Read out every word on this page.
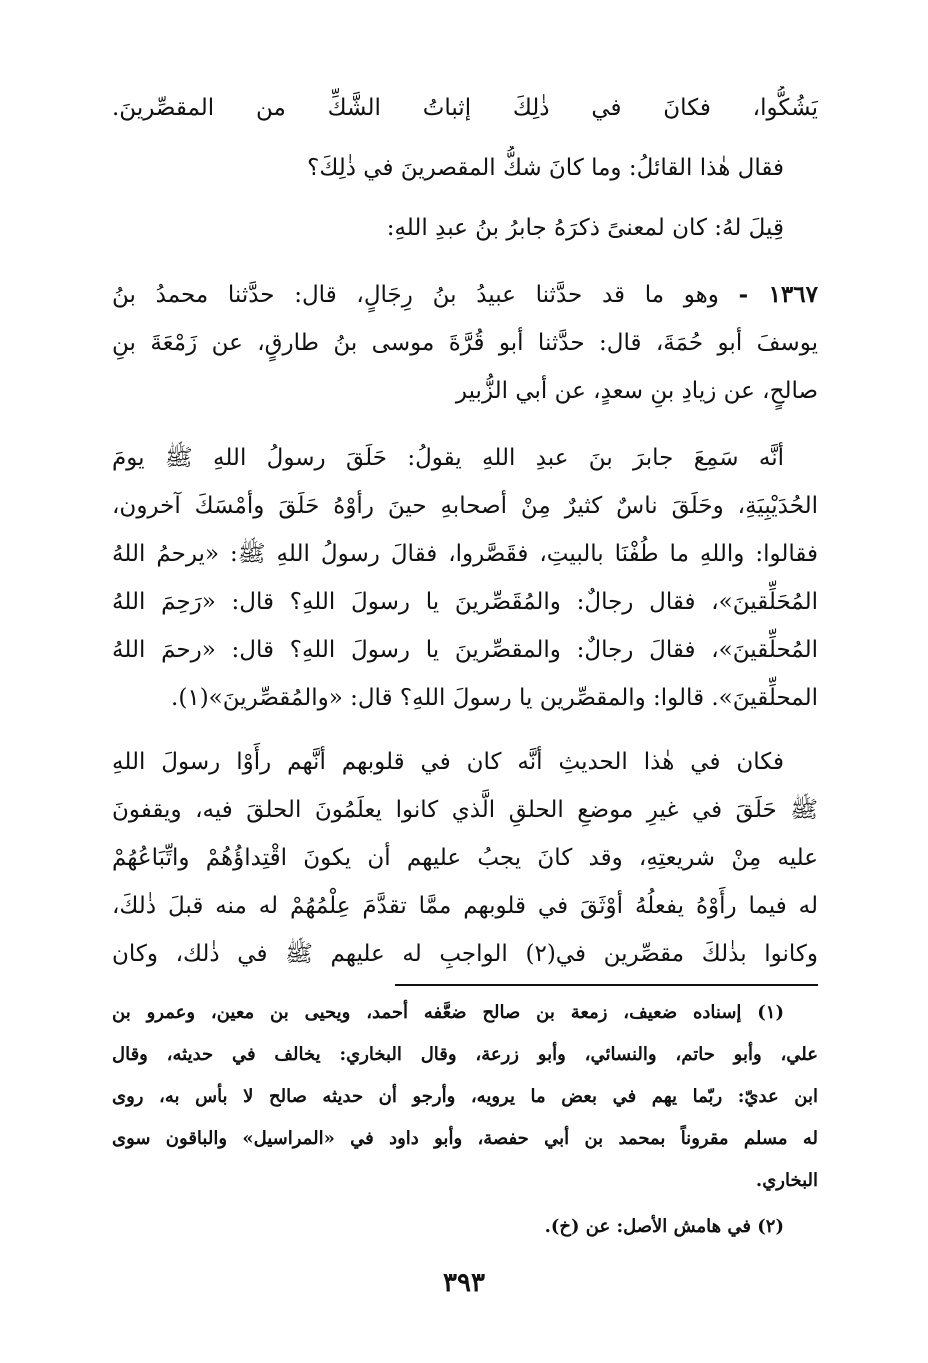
يَشُكُّوا، فكانَ في ذٰلِكَ إثباتُ الشَّكِّ من المقصِّرينَ.
فقال هٰذا القائلُ: وما كانَ شكُّ المقصرينَ في ذٰلِكَ؟
قِيلَ لهُ: كان لمعنىً ذكرَهُ جابرُ بنُ عبدِ اللهِ:
١٣٦٧ - وهو ما قد حدَّثنا عبيدُ بنُ رِجَالٍ، قال: حدَّثنا محمدُ بنُ
يوسفَ أبو حُمَةَ، قال: حدَّثنا أبو قُرَّةَ موسى بنُ طارقٍ، عن زَمْعَةَ بنِ
صالحٍ، عن زيادِ بنِ سعدٍ، عن أبي الزُّبير
أنَّه سَمِعَ جابرَ بنَ عبدِ اللهِ يقولُ: حَلَقَ رسولُ اللهِ ﷺ يومَ
الحُدَيْبِيَةِ، وحَلَقَ ناسٌ كثيرٌ مِنْ أصحابهِ حينَ رأوْهُ حَلَقَ وأمْسَكَ آخرون،
فقالوا: واللهِ ما طُفْنَا بالبيتِ، فقَصَّروا، فقالَ رسولُ اللهِ ﷺ: «يرحمُ اللهُ
المُحَلِّقينَ»، فقال رجالٌ: والمُقَصِّرينَ يا رسولَ اللهِ؟ قال: «رَحِمَ اللهُ
المُحلِّقينَ»، فقالَ رجالٌ: والمقصِّرينَ يا رسولَ اللهِ؟ قال: «رحمَ اللهُ
المحلِّقينَ». قالوا: والمقصِّرين يا رسولَ اللهِ؟ قال: «والمُقصِّرينَ»(١).
فكان في هٰذا الحديثِ أنَّه كان في قلوبهم أنَّهم رأَوْا رسولَ اللهِ
ﷺ حَلَقَ في غيرِ موضعِ الحلقِ الَّذي كانوا يعلَمُونَ الحلقَ فيه، ويقفونَ
عليه مِنْ شريعتِهِ، وقد كانَ يجبُ عليهم أن يكونَ اقْتِداؤُهُمْ واتِّبَاعُهُمْ
له فيما رأَوْهُ يفعلُهُ أوْثَقَ في قلوبهم ممَّا تقدَّمَ عِلْمُهُمْ له منه قبلَ ذٰلكَ،
وكانوا بذٰلكَ مقصِّرين في(٢) الواجبِ له عليهم ﷺ في ذٰلك، وكان
(١) إسناده ضعيف، زمعة بن صالح ضعَّفه أحمد، ويحيى بن معين، وعمرو بن
علي، وأبو حاتم، والنسائي، وأبو زرعة، وقال البخاري: يخالف في حديثه، وقال
ابن عديّ: ربّما يهم في بعض ما يرويه، وأرجو أن حديثه صالح لا بأس به، روى
له مسلم مقروناً بمحمد بن أبي حفصة، وأبو داود في «المراسيل» والباقون سوى
البخاري.
(٢) في هامش الأصل: عن (خ).
٣٩٣
